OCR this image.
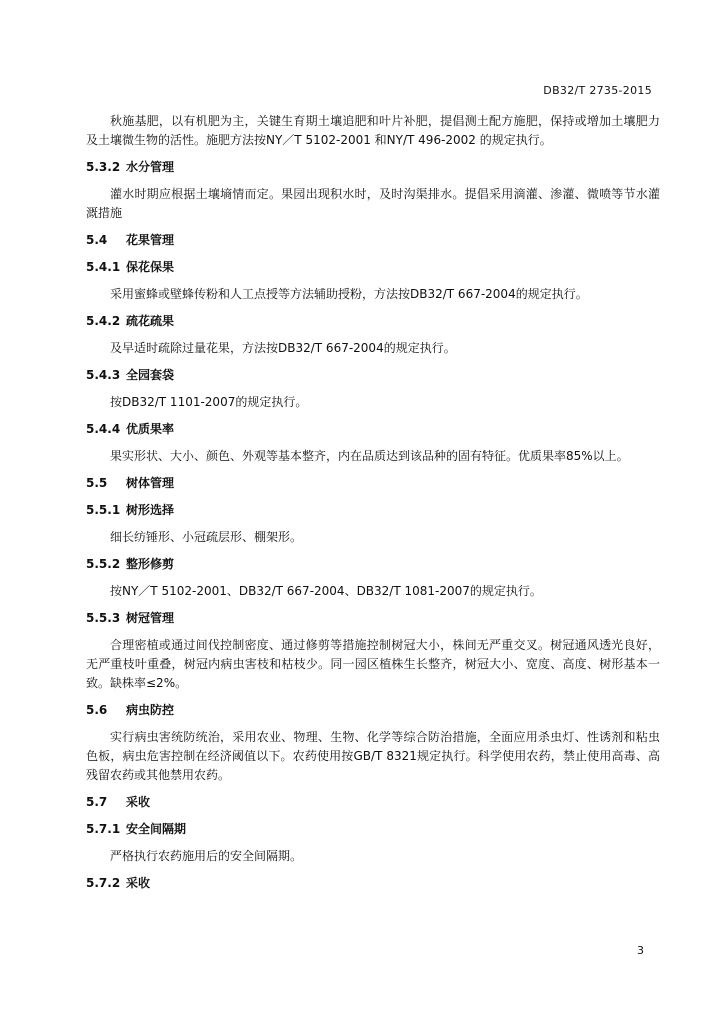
DB32/T 2735-2015

秋施基肥，以有机肥为主，关键生育期土壤追肥和叶片补肥，提倡测土配方施肥，保持或增加土壤肥力及土壤微生物的活性。施肥方法按NY／T 5102-2001 和NY/T 496-2002 的规定执行。

5.3.2 水分管理

灌水时期应根据土壤墒情而定。果园出现积水时，及时沟渠排水。提倡采用滴灌、渗灌、微喷等节水灌溉措施

5.4 花果管理
5.4.1 保花保果

采用蜜蜂或壁蜂传粉和人工点授等方法辅助授粉，方法按DB32/T 667-2004的规定执行。

5.4.2 疏花疏果

及早适时疏除过量花果，方法按DB32/T 667-2004的规定执行。

5.4.3 全园套袋

按DB32/T 1101-2007的规定执行。

5.4.4 优质果率

果实形状、大小、颜色、外观等基本整齐，内在品质达到该品种的固有特征。优质果率85%以上。

5.5 树体管理
5.5.1 树形选择

细长纺锤形、小冠疏层形、棚架形。

5.5.2 整形修剪

按NY／T 5102-2001、DB32/T 667-2004、DB32/T 1081-2007的规定执行。

5.5.3 树冠管理

合理密植或通过间伐控制密度、通过修剪等措施控制树冠大小，株间无严重交叉。树冠通风透光良好，无严重枝叶重叠，树冠内病虫害枝和枯枝少。同一园区植株生长整齐，树冠大小、宽度、高度、树形基本一致。缺株率≤2%。

5.6 病虫防控

实行病虫害统防统治，采用农业、物理、生物、化学等综合防治措施，全面应用杀虫灯、性诱剂和粘虫色板，病虫危害控制在经济阈值以下。农药使用按GB/T 8321规定执行。科学使用农药，禁止使用高毒、高残留农药或其他禁用农药。

5.7 采收
5.7.1 安全间隔期

严格执行农药施用后的安全间隔期。

5.7.2 采收
3
